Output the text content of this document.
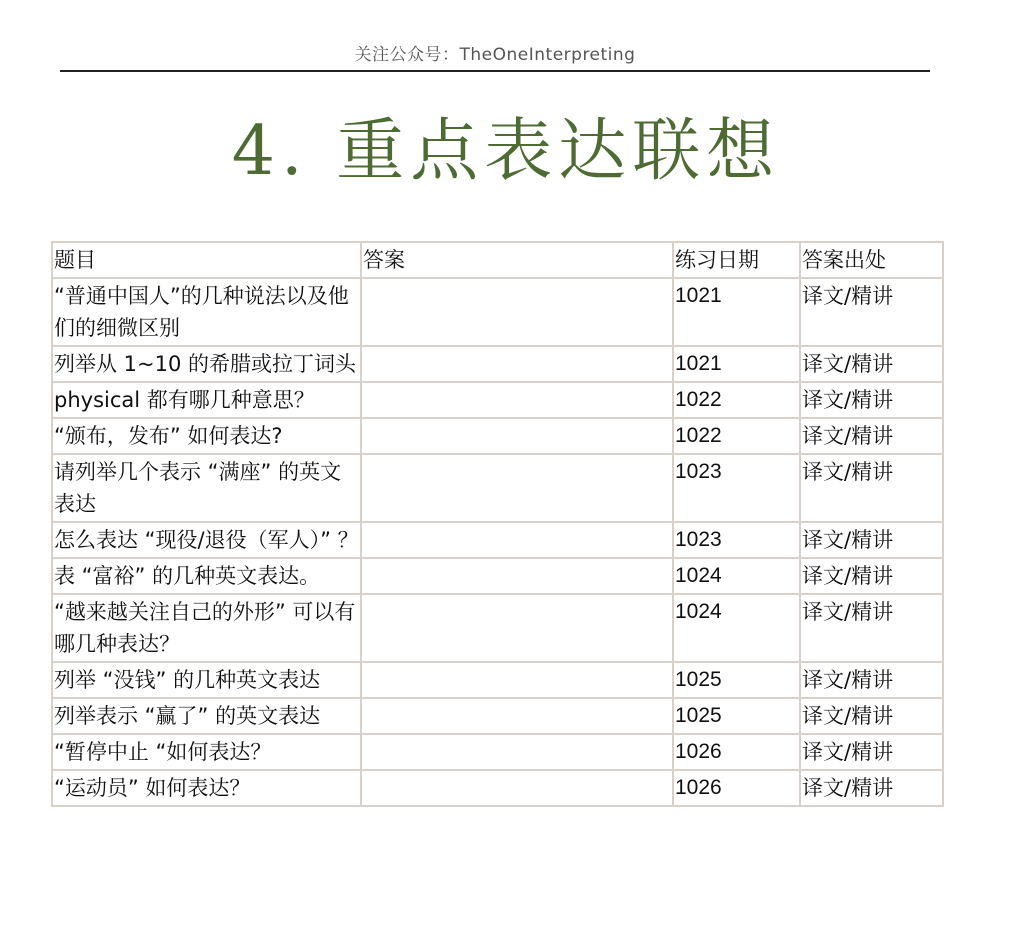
关注公众号：TheOneInterpreting
4. 重点表达联想
题目	答案	练习日期	答案出处
“普通中国人”的几种说法以及他们的细微区别		1021	译文/精讲
列举从 1~10 的希腊或拉丁词头		1021	译文/精讲
physical 都有哪几种意思？		1022	译文/精讲
“颁布，发布” 如何表达?		1022	译文/精讲
请列举几个表示 “满座” 的英文表达		1023	译文/精讲
怎么表达 “现役/退役（军人）” ？		1023	译文/精讲
表 “富裕” 的几种英文表达。		1024	译文/精讲
“越来越关注自己的外形” 可以有哪几种表达？		1024	译文/精讲
列举 “没钱” 的几种英文表达		1025	译文/精讲
列举表示 “赢了” 的英文表达		1025	译文/精讲
“暂停中止 “如何表达？		1026	译文/精讲
“运动员” 如何表达？		1026	译文/精讲
